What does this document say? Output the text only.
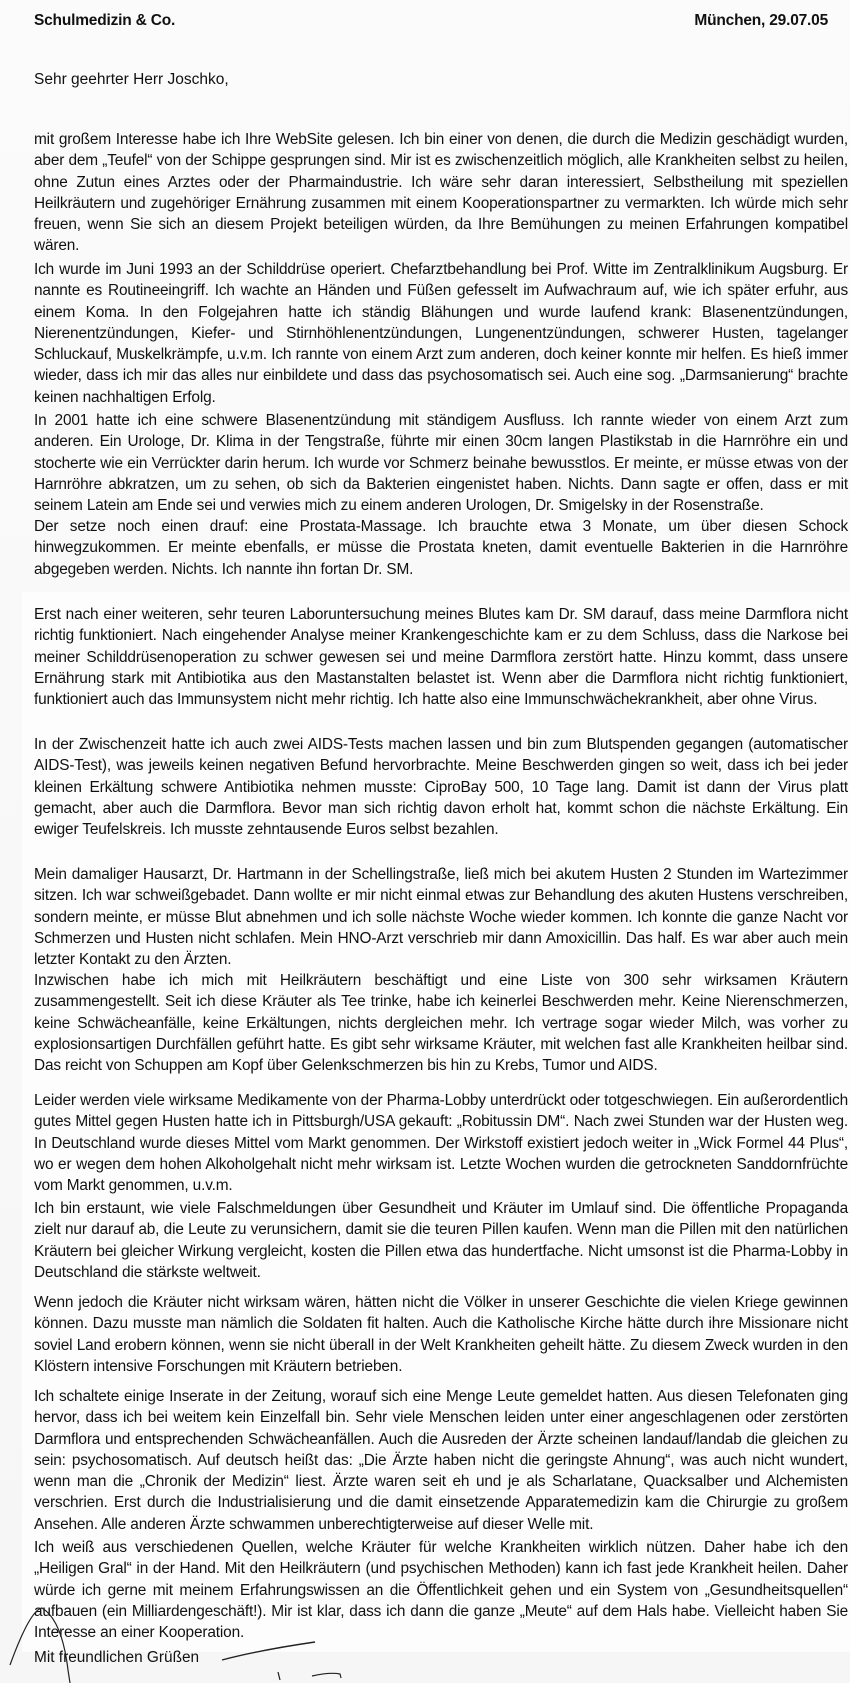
Schulmedizin & Co.	München, 29.07.05
Sehr geehrter Herr Joschko,

mit großem Interesse habe ich Ihre WebSite gelesen. Ich bin einer von denen, die durch die Medizin geschädigt wurden, aber dem „Teufel“ von der Schippe gesprungen sind. Mir ist es zwischenzeitlich möglich, alle Krankheiten selbst zu heilen, ohne Zutun eines Arztes oder der Pharmaindustrie. Ich wäre sehr daran interessiert, Selbstheilung mit speziellen Heilkräutern und zugehöriger Ernährung zusammen mit einem Kooperationspartner zu vermarkten. Ich würde mich sehr freuen, wenn Sie sich an diesem Projekt beteiligen würden, da Ihre Bemühungen zu meinen Erfahrungen kompatibel wären.

Ich wurde im Juni 1993 an der Schilddrüse operiert. Chefarztbehandlung bei Prof. Witte im Zentralklinikum Augsburg. Er nannte es Routineeingriff. Ich wachte an Händen und Füßen gefesselt im Aufwachraum auf, wie ich später erfuhr, aus einem Koma. In den Folgejahren hatte ich ständig Blähungen und wurde laufend krank: Blasenentzündungen, Nierenentzündungen, Kiefer- und Stirnhöhlenentzündungen, Lungenentzündungen, schwerer Husten, tagelanger Schluckauf, Muskelkrämpfe, u.v.m. Ich rannte von einem Arzt zum anderen, doch keiner konnte mir helfen. Es hieß immer wieder, dass ich mir das alles nur einbildete und dass das psychosomatisch sei. Auch eine sog. „Darmsanierung“ brachte keinen nachhaltigen Erfolg.

In 2001 hatte ich eine schwere Blasenentzündung mit ständigem Ausfluss. Ich rannte wieder von einem Arzt zum anderen. Ein Urologe, Dr. Klima in der Tengstraße, führte mir einen 30cm langen Plastikstab in die Harnröhre ein und stocherte wie ein Verrückter darin herum. Ich wurde vor Schmerz beinahe bewusstlos. Er meinte, er müsse etwas von der Harnröhre abkratzen, um zu sehen, ob sich da Bakterien eingenistet haben. Nichts. Dann sagte er offen, dass er mit seinem Latein am Ende sei und verwies mich zu einem anderen Urologen, Dr. Smigelsky in der Rosenstraße.

Der setze noch einen drauf: eine Prostata-Massage. Ich brauchte etwa 3 Monate, um über diesen Schock hinwegzukommen. Er meinte ebenfalls, er müsse die Prostata kneten, damit eventuelle Bakterien in die Harnröhre abgegeben werden. Nichts. Ich nannte ihn fortan Dr. SM.

Erst nach einer weiteren, sehr teuren Laboruntersuchung meines Blutes kam Dr. SM darauf, dass meine Darmflora nicht richtig funktioniert. Nach eingehender Analyse meiner Krankengeschichte kam er zu dem Schluss, dass die Narkose bei meiner Schilddrüsenoperation zu schwer gewesen sei und meine Darmflora zerstört hatte. Hinzu kommt, dass unsere Ernährung stark mit Antibiotika aus den Mastanstalten belastet ist. Wenn aber die Darmflora nicht richtig funktioniert, funktioniert auch das Immunsystem nicht mehr richtig. Ich hatte also eine Immunschwächekrankheit, aber ohne Virus.

In der Zwischenzeit hatte ich auch zwei AIDS-Tests machen lassen und bin zum Blutspenden gegangen (automatischer AIDS-Test), was jeweils keinen negativen Befund hervorbrachte. Meine Beschwerden gingen so weit, dass ich bei jeder kleinen Erkältung schwere Antibiotika nehmen musste: CiproBay 500, 10 Tage lang. Damit ist dann der Virus platt gemacht, aber auch die Darmflora. Bevor man sich richtig davon erholt hat, kommt schon die nächste Erkältung. Ein ewiger Teufelskreis. Ich musste zehntausende Euros selbst bezahlen.

Mein damaliger Hausarzt, Dr. Hartmann in der Schellingstraße, ließ mich bei akutem Husten 2 Stunden im Wartezimmer sitzen. Ich war schweißgebadet. Dann wollte er mir nicht einmal etwas zur Behandlung des akuten Hustens verschreiben, sondern meinte, er müsse Blut abnehmen und ich solle nächste Woche wieder kommen. Ich konnte die ganze Nacht vor Schmerzen und Husten nicht schlafen. Mein HNO-Arzt verschrieb mir dann Amoxicillin. Das half. Es war aber auch mein letzter Kontakt zu den Ärzten.

Inzwischen habe ich mich mit Heilkräutern beschäftigt und eine Liste von 300 sehr wirksamen Kräutern zusammengestellt. Seit ich diese Kräuter als Tee trinke, habe ich keinerlei Beschwerden mehr. Keine Nierenschmerzen, keine Schwächeanfälle, keine Erkältungen, nichts dergleichen mehr. Ich vertrage sogar wieder Milch, was vorher zu explosionsartigen Durchfällen geführt hatte. Es gibt sehr wirksame Kräuter, mit welchen fast alle Krankheiten heilbar sind. Das reicht von Schuppen am Kopf über Gelenkschmerzen bis hin zu Krebs, Tumor und AIDS.

Leider werden viele wirksame Medikamente von der Pharma-Lobby unterdrückt oder totgeschwiegen. Ein außerordentlich gutes Mittel gegen Husten hatte ich in Pittsburgh/USA gekauft: „Robitussin DM“. Nach zwei Stunden war der Husten weg. In Deutschland wurde dieses Mittel vom Markt genommen. Der Wirkstoff existiert jedoch weiter in „Wick Formel 44 Plus“, wo er wegen dem hohen Alkoholgehalt nicht mehr wirksam ist. Letzte Wochen wurden die getrockneten Sanddornfrüchte vom Markt genommen, u.v.m.

Ich bin erstaunt, wie viele Falschmeldungen über Gesundheit und Kräuter im Umlauf sind. Die öffentliche Propaganda zielt nur darauf ab, die Leute zu verunsichern, damit sie die teuren Pillen kaufen. Wenn man die Pillen mit den natürlichen Kräutern bei gleicher Wirkung vergleicht, kosten die Pillen etwa das hundertfache. Nicht umsonst ist die Pharma-Lobby in Deutschland die stärkste weltweit.

Wenn jedoch die Kräuter nicht wirksam wären, hätten nicht die Völker in unserer Geschichte die vielen Kriege gewinnen können. Dazu musste man nämlich die Soldaten fit halten. Auch die Katholische Kirche hätte durch ihre Missionare nicht soviel Land erobern können, wenn sie nicht überall in der Welt Krankheiten geheilt hätte. Zu diesem Zweck wurden in den Klöstern intensive Forschungen mit Kräutern betrieben.

Ich schaltete einige Inserate in der Zeitung, worauf sich eine Menge Leute gemeldet hatten. Aus diesen Telefonaten ging hervor, dass ich bei weitem kein Einzelfall bin. Sehr viele Menschen leiden unter einer angeschlagenen oder zerstörten Darmflora und entsprechenden Schwächeanfällen. Auch die Ausreden der Ärzte scheinen landauf/landab die gleichen zu sein: psychosomatisch. Auf deutsch heißt das: „Die Ärzte haben nicht die geringste Ahnung“, was auch nicht wundert, wenn man die „Chronik der Medizin“ liest. Ärzte waren seit eh und je als Scharlatane, Quacksalber und Alchemisten verschrien. Erst durch die Industrialisierung und die damit einsetzende Apparatemedizin kam die Chirurgie zu großem Ansehen. Alle anderen Ärzte schwammen unberechtigterweise auf dieser Welle mit.

Ich weiß aus verschiedenen Quellen, welche Kräuter für welche Krankheiten wirklich nützen. Daher habe ich den „Heiligen Gral“ in der Hand. Mit den Heilkräutern (und psychischen Methoden) kann ich fast jede Krankheit heilen. Daher würde ich gerne mit meinem Erfahrungswissen an die Öffentlichkeit gehen und ein System von „Gesundheitsquellen“ aufbauen (ein Milliardengeschäft!). Mir ist klar, dass ich dann die ganze „Meute“ auf dem Hals habe. Vielleicht haben Sie Interesse an einer Kooperation.

Mit freundlichen Grüßen
